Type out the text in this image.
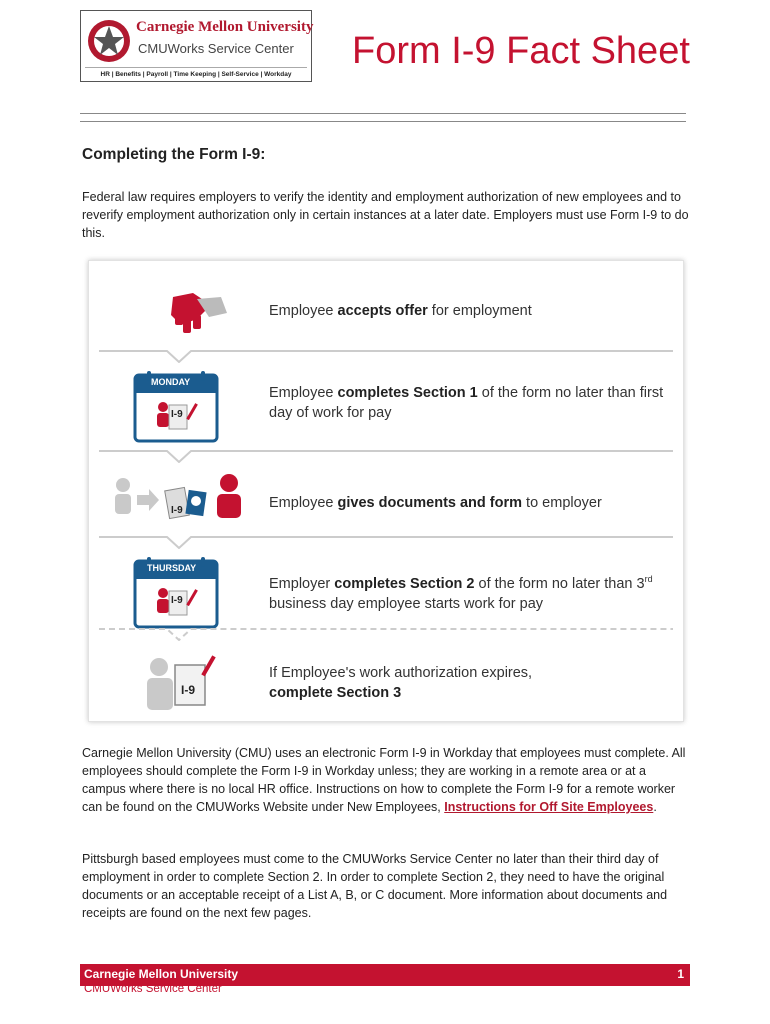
Carnegie Mellon University
CMUWorks Service Center
HR | Benefits | Payroll | Time Keeping | Self-Service | Workday
Form I-9 Fact Sheet
Completing the Form I-9:

Federal law requires employers to verify the identity and employment authorization of new employees and to reverify employment authorization only in certain instances at a later date. Employers must use Form I-9 to do this.

Employee accepts offer for employment
MONDAY
I-9
Employee completes Section 1 of the form no later than first day of work for pay
I-9	Employee gives documents and form to employer
THURSDAY
I-9
Employer completes Section 2 of the form no later than 3rd business day employee starts work for pay
I-9
If Employee's work authorization expires,
complete Section 3

Carnegie Mellon University (CMU) uses an electronic Form I-9 in Workday that employees must complete. All employees should complete the Form I-9 in Workday unless; they are working in a remote area or at a campus where there is no local HR office. Instructions on how to complete the Form I-9 for a remote worker can be found on the CMUWorks Website under New Employees, Instructions for Off Site Employees.

Pittsburgh based employees must come to the CMUWorks Service Center no later than their third day of employment in order to complete Section 2. In order to complete Section 2, they need to have the original documents or an acceptable receipt of a List A, B, or C document. More information about documents and receipts are found on the next few pages.

Carnegie Mellon University	1
CMUWorks Service Center
